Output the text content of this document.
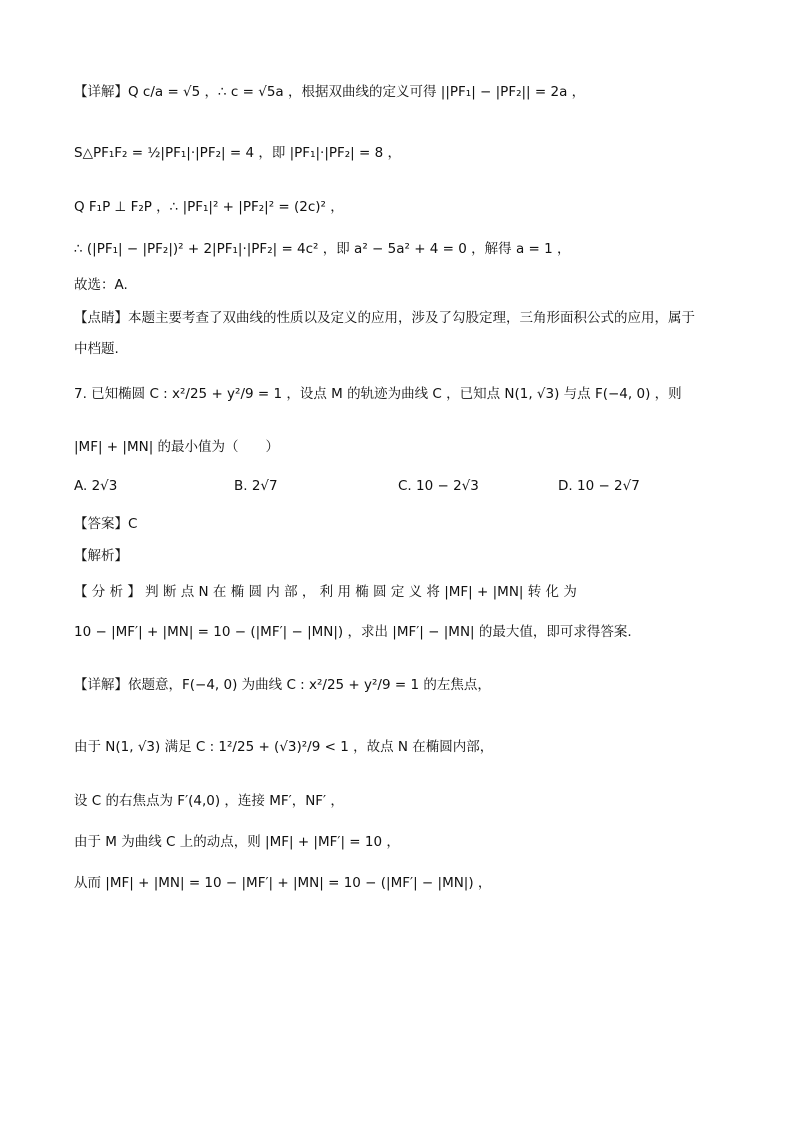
【详解】Q c/a = √5 ，∴ c = √5a ，根据双曲线的定义可得 ||PF₁| − |PF₂|| = 2a ，
S△PF₁F₂ = ½|PF₁|·|PF₂| = 4 ，即 |PF₁|·|PF₂| = 8 ，
Q F₁P ⊥ F₂P ，∴ |PF₁|² + |PF₂|² = (2c)² ，
∴ (|PF₁| − |PF₂|)² + 2|PF₁|·|PF₂| = 4c² ，即 a² − 5a² + 4 = 0 ，解得 a = 1 ，
故选：A.
【点睛】本题主要考查了双曲线的性质以及定义的应用，涉及了勾股定理，三角形面积公式的应用，属于
中档题.
7. 已知椭圆 C : x²/25 + y²/9 = 1 ，设点 M 的轨迹为曲线 C ，已知点 N(1, √3) 与点 F(−4, 0) ，则
|MF| + |MN| 的最小值为（　　）
A. 2√3	B. 2√7	C. 10 − 2√3	D. 10 − 2√7
【答案】C
【解析】
【 分 析 】 判 断 点 N 在 椭 圆 内 部 ， 利 用 椭 圆 定 义 将 |MF| + |MN| 转 化 为
10 − |MF′| + |MN| = 10 − (|MF′| − |MN|) ，求出 |MF′| − |MN| 的最大值，即可求得答案.
【详解】依题意，F(−4, 0) 为曲线 C : x²/25 + y²/9 = 1 的左焦点，
由于 N(1, √3) 满足 C : 1²/25 + (√3)²/9 < 1 ，故点 N 在椭圆内部，
设 C 的右焦点为 F′(4,0) ，连接 MF′，NF′ ，
由于 M 为曲线 C 上的动点，则 |MF| + |MF′| = 10 ，
从而 |MF| + |MN| = 10 − |MF′| + |MN| = 10 − (|MF′| − |MN|) ，
